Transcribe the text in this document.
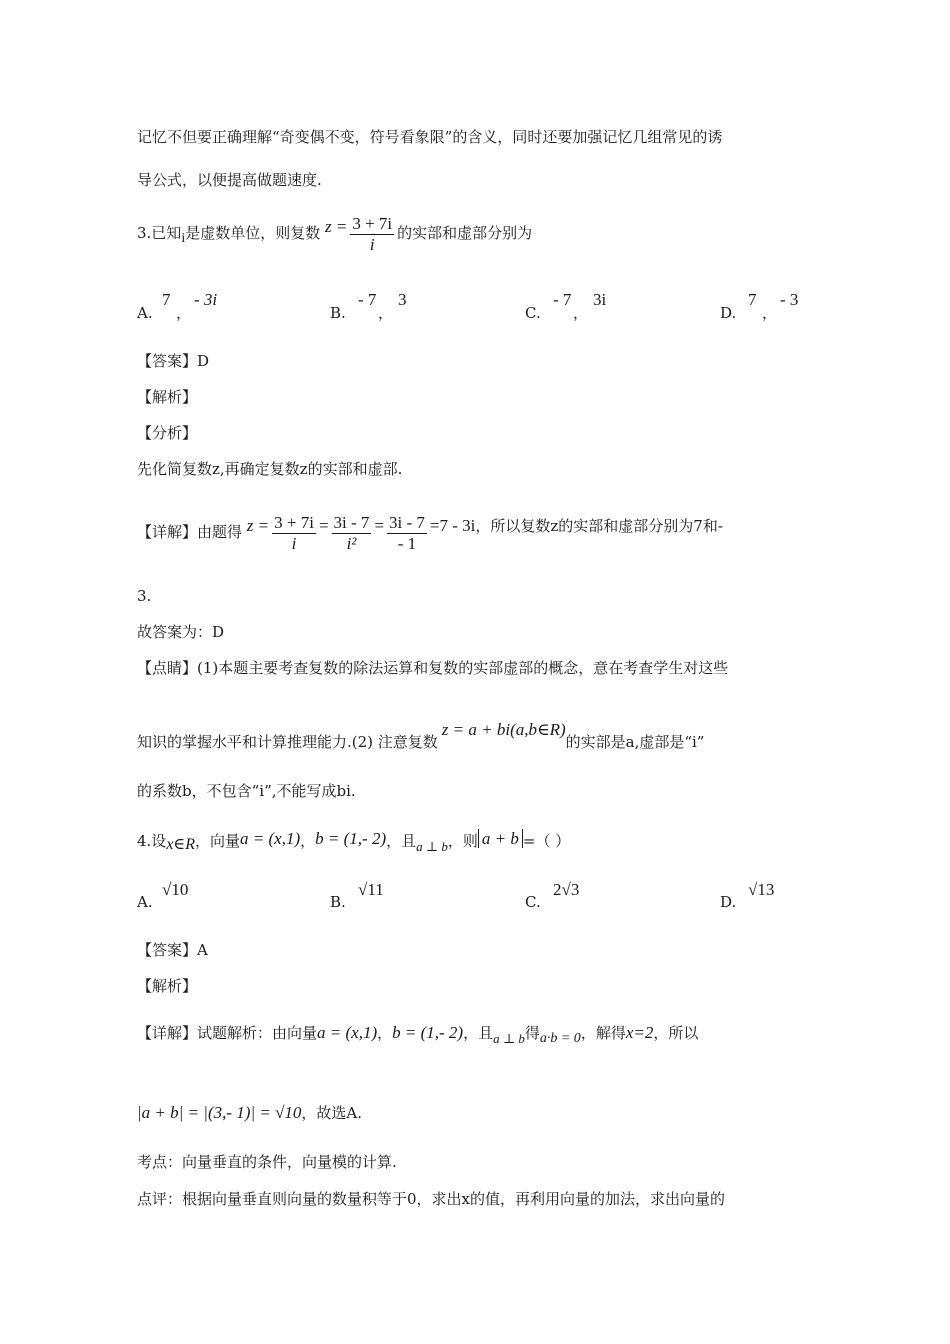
记忆不但要正确理解“奇变偶不变，符号看象限”的含义，同时还要加强记忆几组常见的诱
导公式，以便提高做题速度.
3.已知i是虚数单位，则复数 $z = \frac{3 + 7i}{i}$ 的实部和虚部分别为
A.
7
，
- 3i
B.
- 7
，
3
C.
- 7
，
3i
D.
7
，
- 3
【答案】D
【解析】
【分析】
先化简复数z,再确定复数z的实部和虚部.
【详解】由题得 $z = \frac{3 + 7i}{i} = \frac{3i - 7}{\text{i²}} = \frac{3i - 7}{- 1} =7 - 3i$，所以复数z的实部和虚部分别为7和-
3.
故答案为：D
【点睛】(1)本题主要考查复数的除法运算和复数的实部虚部的概念，意在考查学生对这些
知识的掌握水平和计算推理能力.(2) 注意复数z = a + bi(a,b∈R)的实部是a,虚部是“i”
的系数b，不包含“i”,不能写成bi.
4.设x∈R，向量a = (x,1)，b = (1,- 2)，且a ⊥ b，则 a + b =（ ）
A.
√10
B.
√11
C.
2√3
D.
√13
【答案】A
【解析】
【详解】试题解析：由向量a = (x,1)，b = (1,- 2)，且a ⊥ b得a·b = 0，解得x=2，所以
|a + b| = |(3,- 1)| = √10，故选A.
考点：向量垂直的条件，向量模的计算.
点评：根据向量垂直则向量的数量积等于0，求出x的值，再利用向量的加法，求出向量的
